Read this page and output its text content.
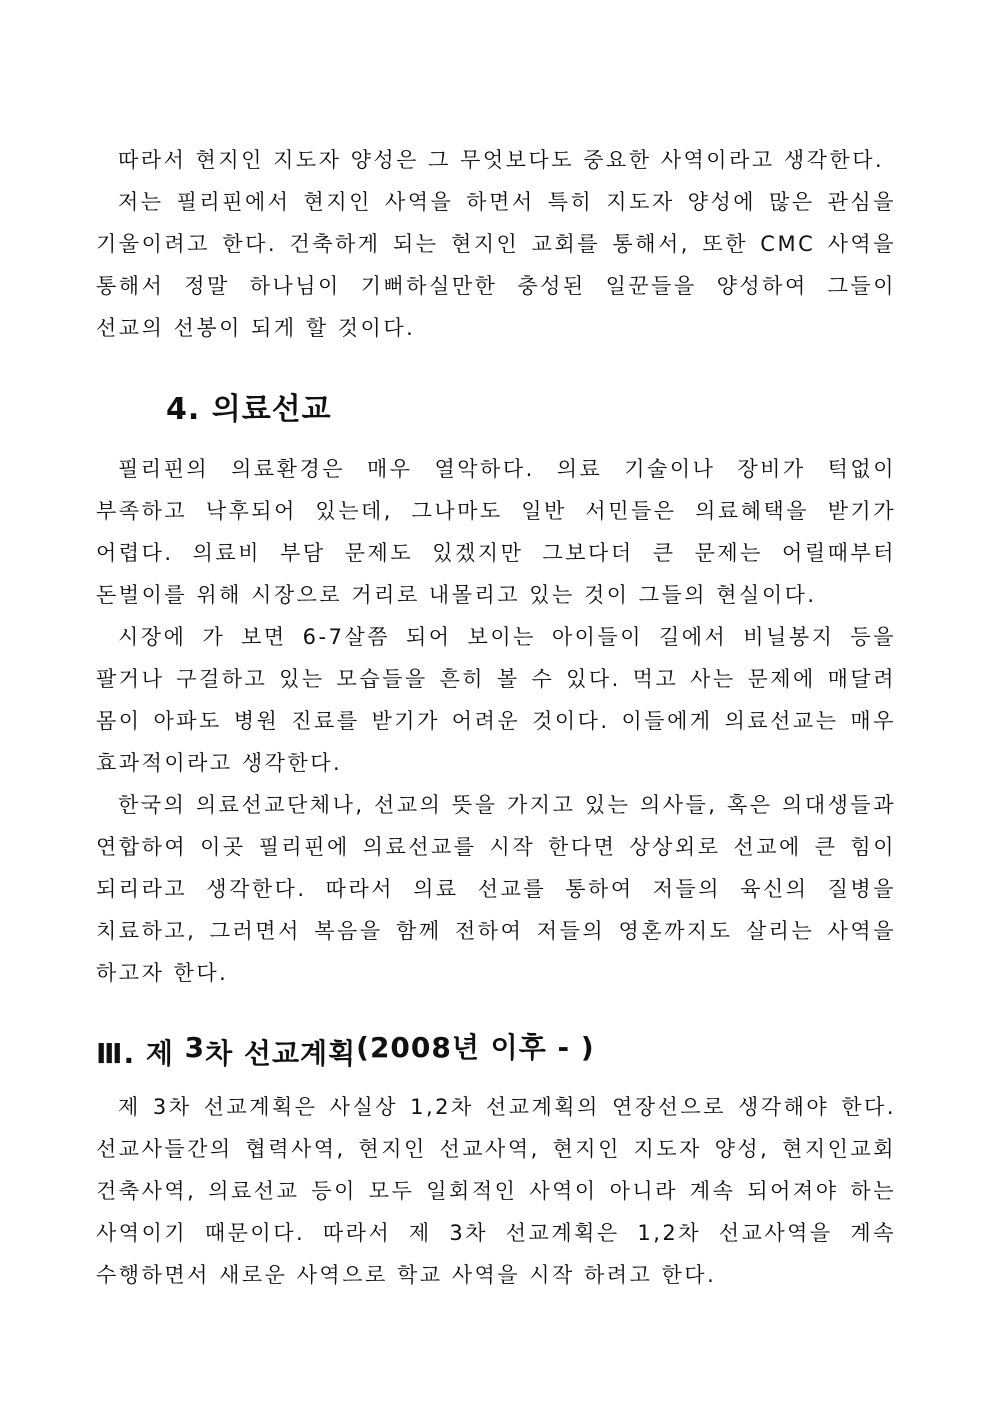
따라서 현지인 지도자 양성은 그 무엇보다도 중요한 사역이라고 생각한다.

저는 필리핀에서 현지인 사역을 하면서 특히 지도자 양성에 많은 관심을 기울이려고 한다. 건축하게 되는 현지인 교회를 통해서, 또한 CMC 사역을 통해서 정말 하나님이 기뻐하실만한 충성된 일꾼들을 양성하여 그들이 선교의 선봉이 되게 할 것이다.

4. 의료선교

필리핀의 의료환경은 매우 열악하다. 의료 기술이나 장비가 턱없이 부족하고 낙후되어 있는데, 그나마도 일반 서민들은 의료혜택을 받기가 어렵다. 의료비 부담 문제도 있겠지만 그보다더 큰 문제는 어릴때부터 돈벌이를 위해 시장으로 거리로 내몰리고 있는 것이 그들의 현실이다.

시장에 가 보면 6-7살쯤 되어 보이는 아이들이 길에서 비닐봉지 등을 팔거나 구걸하고 있는 모습들을 흔히 볼 수 있다. 먹고 사는 문제에 매달려 몸이 아파도 병원 진료를 받기가 어려운 것이다. 이들에게 의료선교는 매우 효과적이라고 생각한다.

한국의 의료선교단체나, 선교의 뜻을 가지고 있는 의사들, 혹은 의대생들과 연합하여 이곳 필리핀에 의료선교를 시작 한다면 상상외로 선교에 큰 힘이 되리라고 생각한다. 따라서 의료 선교를 통하여 저들의 육신의 질병을 치료하고, 그러면서 복음을 함께 전하여 저들의 영혼까지도 살리는 사역을 하고자 한다.

Ⅲ. 제 3차 선교계획(2008년 이후 - )

제 3차 선교계획은 사실상 1,2차 선교계획의 연장선으로 생각해야 한다. 선교사들간의 협력사역, 현지인 선교사역, 현지인 지도자 양성, 현지인교회 건축사역, 의료선교 등이 모두 일회적인 사역이 아니라 계속 되어져야 하는 사역이기 때문이다. 따라서 제 3차 선교계획은 1,2차 선교사역을 계속 수행하면서 새로운 사역으로 학교 사역을 시작 하려고 한다.
